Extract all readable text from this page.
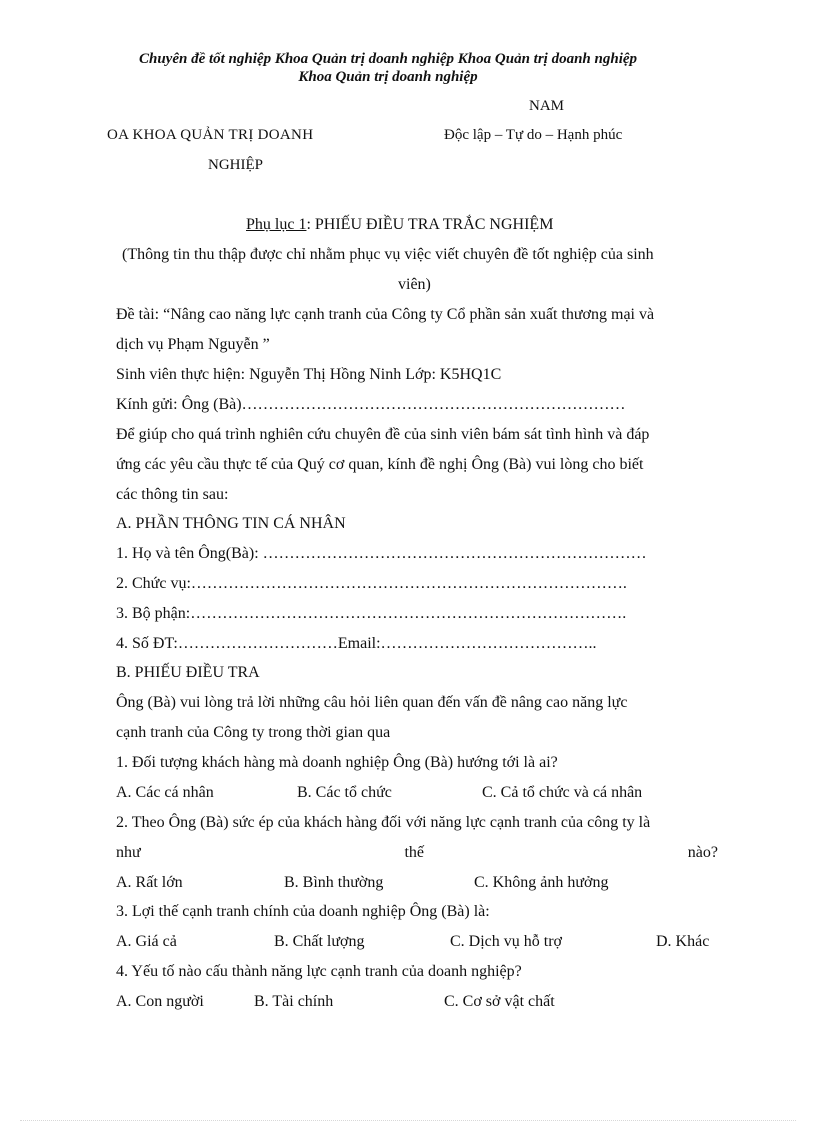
Chuyên đề tốt nghiệp Khoa Quản trị doanh nghiệp Khoa Quản trị doanh nghiệp
Khoa Quản trị doanh nghiệp
NAM
OA KHOA QUẢN TRỊ DOANH
NGHIỆP
Độc lập – Tự do – Hạnh phúc
Phụ lục 1: PHIẾU ĐIỀU TRA TRẮC NGHIỆM
(Thông tin thu thập được chỉ nhằm phục vụ việc viết chuyên đề tốt nghiệp của sinh
viên)
Đề tài: “Nâng cao năng lực cạnh tranh của Công ty Cổ phần sản xuất thương mại và
dịch vụ Phạm Nguyễn ”
Sinh viên thực hiện: Nguyễn Thị Hồng Ninh Lớp: K5HQ1C
Kính gửi: Ông (Bà)………………………………………………………………
Để giúp cho quá trình nghiên cứu chuyên đề của sinh viên bám sát tình hình và đáp
ứng các yêu cầu thực tế của Quý cơ quan, kính đề nghị Ông (Bà) vui lòng cho biết
các thông tin sau:
A. PHẦN THÔNG TIN CÁ NHÂN
1. Họ và tên Ông(Bà): ………………………………………………………………
2. Chức vụ:……………………………………………………………………….
3. Bộ phận:……………………………………………………………………….
4. Số ĐT:…………………………Email:…………………………………..
B. PHIẾU ĐIỀU TRA
Ông (Bà) vui lòng trả lời những câu hỏi liên quan đến vấn đề nâng cao năng lực
cạnh tranh của Công ty trong thời gian qua
1. Đối tượng khách hàng mà doanh nghiệp Ông (Bà) hướng tới là ai?
A. Các cá nhân	B. Các tổ chức	C. Cả tổ chức và cá nhân
2. Theo Ông (Bà) sức ép của khách hàng đối với năng lực cạnh tranh của công ty là
như	thế	nào?
A. Rất lớn	B. Bình thường	C. Không ảnh hưởng
3. Lợi thế cạnh tranh chính của doanh nghiệp Ông (Bà) là:
A. Giá cả	B. Chất lượng	C. Dịch vụ hỗ trợ	D. Khác
4. Yếu tố nào cấu thành năng lực cạnh tranh của doanh nghiệp?
A. Con người	B. Tài chính	C. Cơ sở vật chất
